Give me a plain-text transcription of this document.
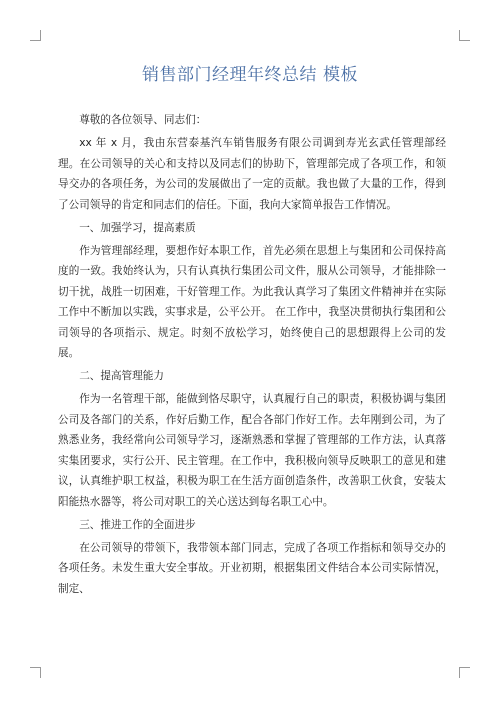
销售部门经理年终总结 模板

尊敬的各位领导、同志们：

xx 年 x 月，我由东营泰基汽车销售服务有限公司调到寿光玄武任管理部经理。在公司领导的关心和支持以及同志们的协助下，管理部完成了各项工作，和领导交办的各项任务，为公司的发展做出了一定的贡献。我也做了大量的工作，得到了公司领导的肯定和同志们的信任。下面，我向大家简单报告工作情况。

一、加强学习，提高素质

作为管理部经理，要想作好本职工作，首先必须在思想上与集团和公司保持高度的一致。我始终认为，只有认真执行集团公司文件，服从公司领导，才能排除一切干扰，战胜一切困难，干好管理工作。为此我认真学习了集团文件精神并在实际工作中不断加以实践，实事求是，公平公开。 在工作中，我坚决贯彻执行集团和公司领导的各项指示、规定。时刻不放松学习，始终使自己的思想跟得上公司的发展。

二、提高管理能力

作为一名管理干部，能做到恪尽职守，认真履行自己的职责，积极协调与集团公司及各部门的关系，作好后勤工作，配合各部门作好工作。去年刚到公司，为了熟悉业务，我经常向公司领导学习，逐渐熟悉和掌握了管理部的工作方法，认真落实集团要求，实行公开、民主管理。在工作中，我积极向领导反映职工的意见和建议，认真维护职工权益，积极为职工在生活方面创造条件，改善职工伙食，安装太阳能热水器等，将公司对职工的关心送达到每名职工心中。

三、推进工作的全面进步

在公司领导的带领下，我带领本部门同志，完成了各项工作指标和领导交办的各项任务。未发生重大安全事故。开业初期，根据集团文件结合本公司实际情况，制定、
